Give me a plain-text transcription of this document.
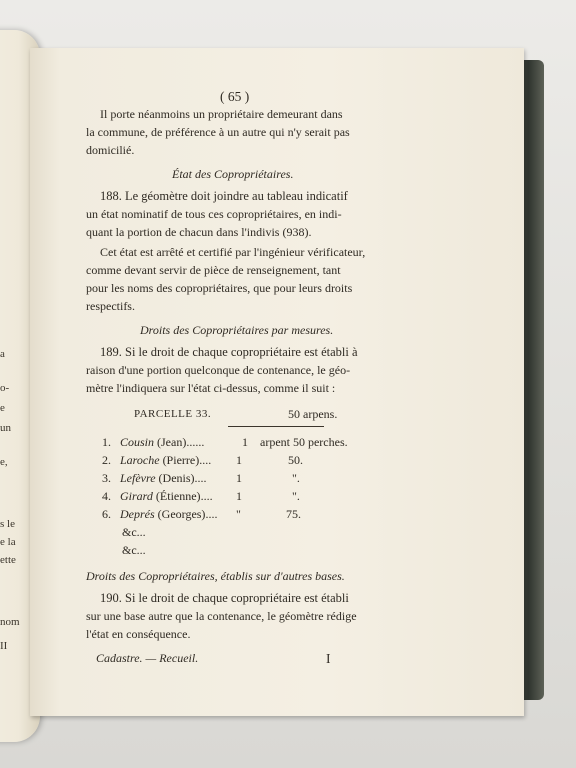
a
o-
e
un
e,
s le
e la
ette
nom
II
( 65 )
Il porte néanmoins un propriétaire demeurant dans
la commune, de préférence à un autre qui n'y serait pas
domicilié.
État des Copropriétaires.
188. Le géomètre doit joindre au tableau indicatif
un état nominatif de tous ces copropriétaires, en indi-
quant la portion de chacun dans l'indivis (938).
Cet état est arrêté et certifié par l'ingénieur vérificateur,
comme devant servir de pièce de renseignement, tant
pour les noms des copropriétaires, que pour leurs droits
respectifs.
Droits des Copropriétaires par mesures.
189. Si le droit de chaque copropriétaire est établi à
raison d'une portion quelconque de contenance, le géo-
mètre l'indiquera sur l'état ci-dessus, comme il suit :
PARCELLE 33.	50 arpens.
1. Cousin (Jean)......	1 arpent 50 perches.
2. Laroche (Pierre).... 1	50.
3. Lefèvre (Denis).... 1	".
4. Girard (Étienne).... 1	".
6. Deprés (Georges).... "	75.
&c...
&c...
Droits des Copropriétaires, établis sur d'autres bases.
190. Si le droit de chaque copropriétaire est établi
sur une base autre que la contenance, le géomètre rédige
l'état en conséquence.
Cadastre. — Recueil.	I
